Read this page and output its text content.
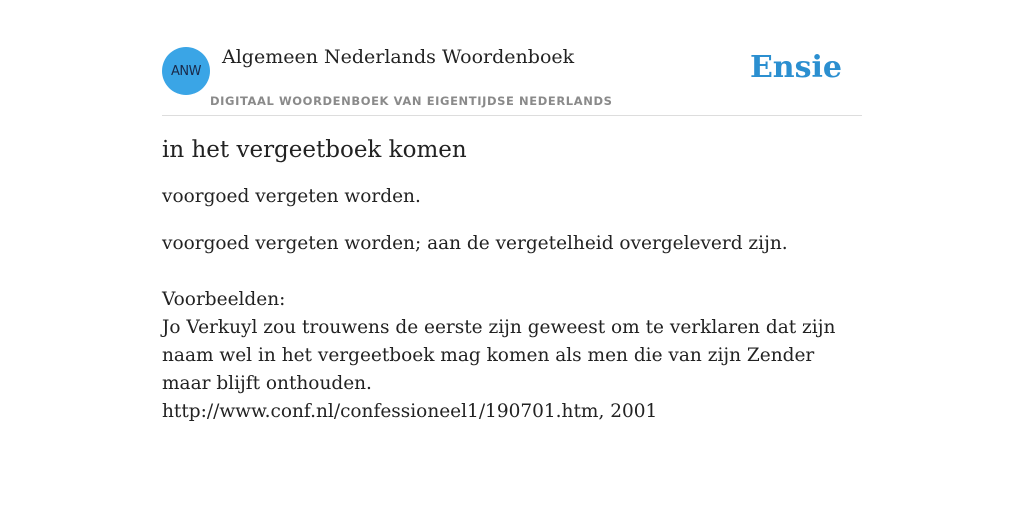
ANW
Algemeen Nederlands Woordenboek
DIGITAAL WOORDENBOEK VAN EIGENTIJDSE NEDERLANDS
Ensie
in het vergeetboek komen

voorgoed vergeten worden.

voorgoed vergeten worden; aan de vergetelheid overgeleverd zijn.

Voorbeelden:
Jo Verkuyl zou trouwens de eerste zijn geweest om te verklaren dat zijn naam wel in het vergeetboek mag komen als men die van zijn Zender maar blijft onthouden.
http://www.conf.nl/confessioneel1/190701.htm, 2001
